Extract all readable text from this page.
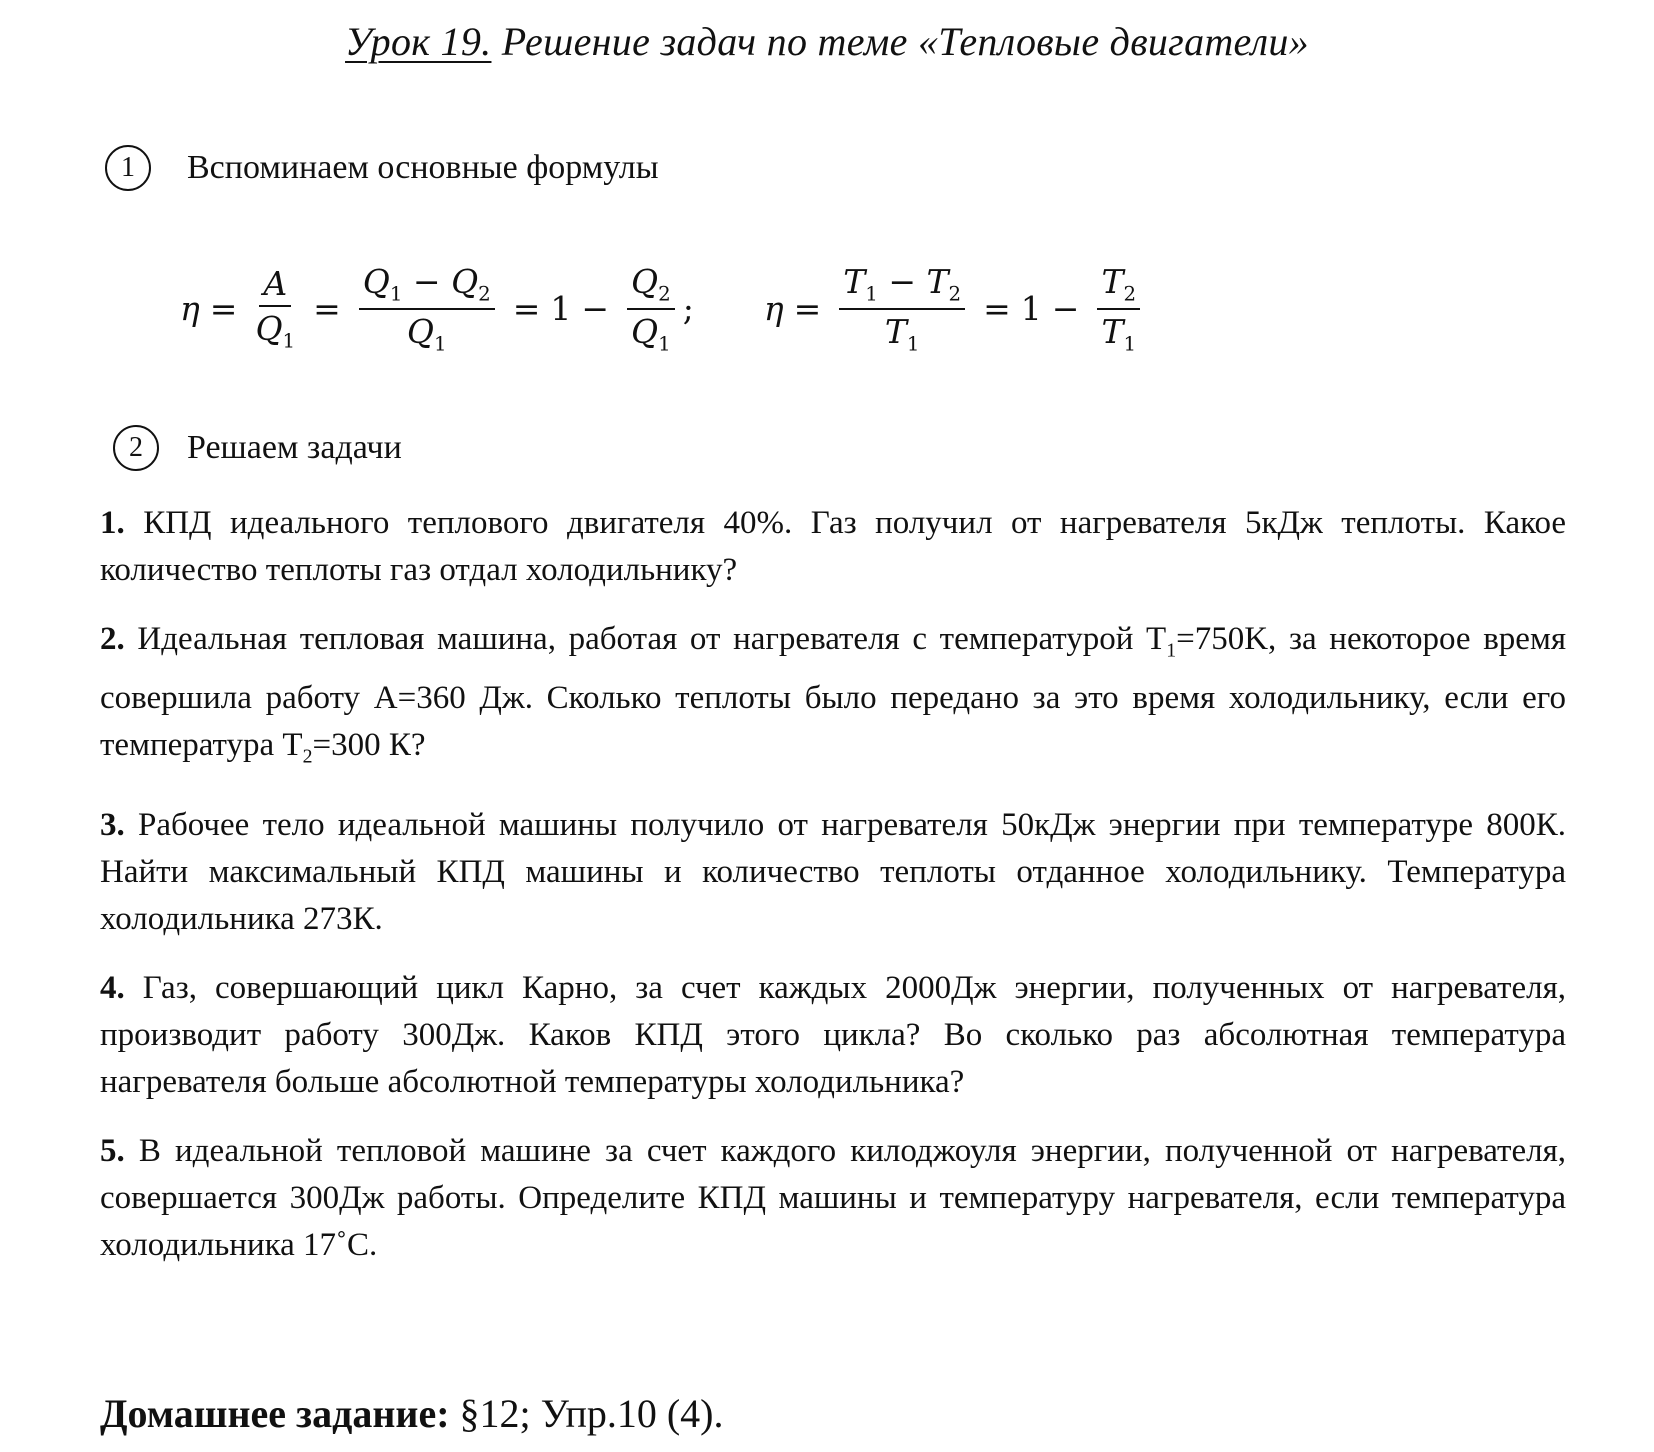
Урок 19. Решение задач по теме «Тепловые двигатели»
1	Вспоминаем основные формулы
$\eta = \frac{A}{Q_1} = \frac{Q_1 - Q_2}{Q_1} = 1 - \frac{Q_2}{Q_1}$ ; $\eta = \frac{T_1 - T_2}{T_1} = 1 - \frac{T_2}{T_1}$
2	Решаем задачи
1. КПД идеального теплового двигателя 40%. Газ получил от нагревателя 5кДж теплоты. Какое количество теплоты газ отдал холодильнику?
2. Идеальная тепловая машина, работая от нагревателя с температурой $T_1=750K$, за некоторое время совершила работу A=360 Дж. Сколько теплоты было передано за это время холодильнику, если его температура $T_2=300$ К?
3. Рабочее тело идеальной машины получило от нагревателя 50кДж энергии при температуре 800К. Найти максимальный КПД машины и количество теплоты отданное холодильнику. Температура холодильника 273К.
4. Газ, совершающий цикл Карно, за счет каждых 2000Дж энергии, полученных от нагревателя, производит работу 300Дж. Каков КПД этого цикла? Во сколько раз абсолютная температура нагревателя больше абсолютной температуры холодильника?
5. В идеальной тепловой машине за счет каждого килоджоуля энергии, полученной от нагревателя, совершается 300Дж работы. Определите КПД машины и температуру нагревателя, если температура холодильника 17˚С.
Домашнее задание: §12; Упр.10 (4).
